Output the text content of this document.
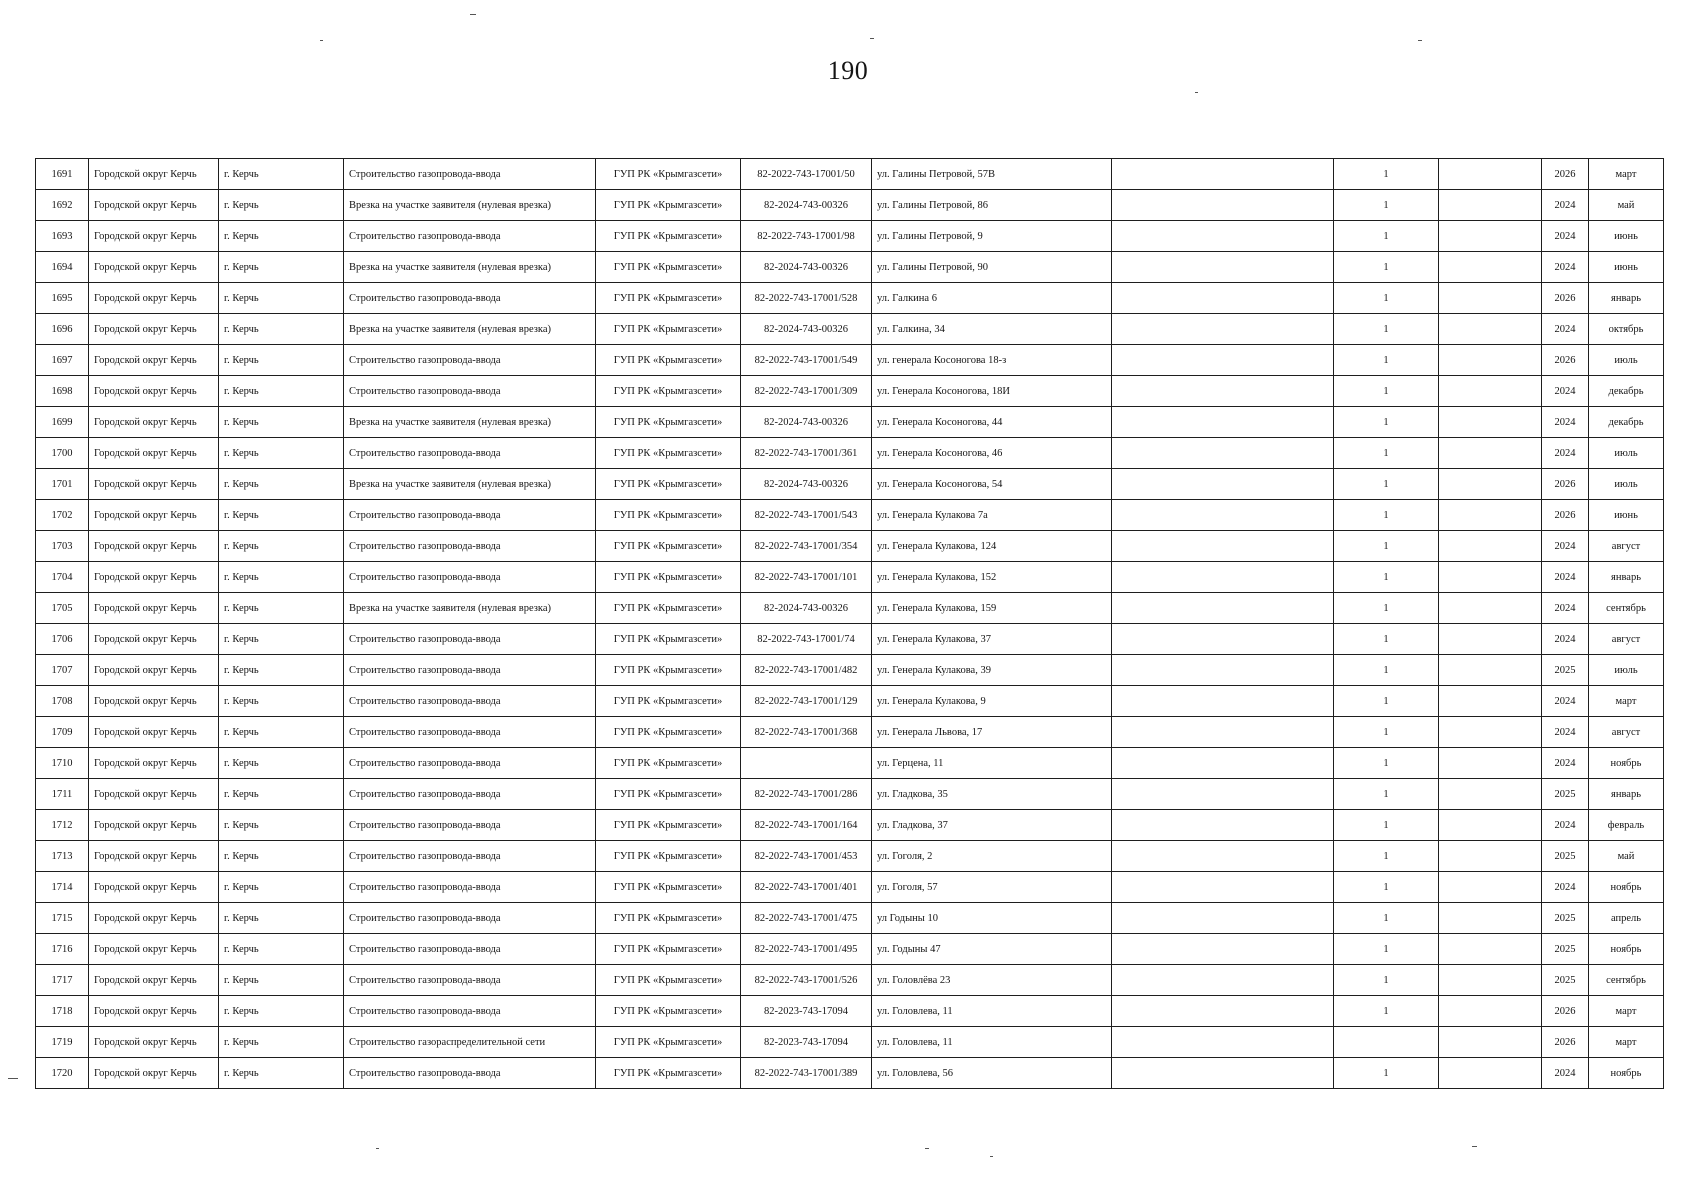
190
1691	Городской округ Керчь	г. Керчь	Строительство газопровода-ввода	ГУП РК «Крымгазсети»	82-2022-743-17001/50	ул. Галины Петровой, 57В		1		2026	март
1692	Городской округ Керчь	г. Керчь	Врезка на участке заявителя (нулевая врезка)	ГУП РК «Крымгазсети»	82-2024-743-00326	ул. Галины Петровой, 86		1		2024	май
1693	Городской округ Керчь	г. Керчь	Строительство газопровода-ввода	ГУП РК «Крымгазсети»	82-2022-743-17001/98	ул. Галины Петровой, 9		1		2024	июнь
1694	Городской округ Керчь	г. Керчь	Врезка на участке заявителя (нулевая врезка)	ГУП РК «Крымгазсети»	82-2024-743-00326	ул. Галины Петровой, 90		1		2024	июнь
1695	Городской округ Керчь	г. Керчь	Строительство газопровода-ввода	ГУП РК «Крымгазсети»	82-2022-743-17001/528	ул. Галкина 6		1		2026	январь
1696	Городской округ Керчь	г. Керчь	Врезка на участке заявителя (нулевая врезка)	ГУП РК «Крымгазсети»	82-2024-743-00326	ул. Галкина, 34		1		2024	октябрь
1697	Городской округ Керчь	г. Керчь	Строительство газопровода-ввода	ГУП РК «Крымгазсети»	82-2022-743-17001/549	ул. генерала Косоногова 18-з		1		2026	июль
1698	Городской округ Керчь	г. Керчь	Строительство газопровода-ввода	ГУП РК «Крымгазсети»	82-2022-743-17001/309	ул. Генерала Косоногова, 18И		1		2024	декабрь
1699	Городской округ Керчь	г. Керчь	Врезка на участке заявителя (нулевая врезка)	ГУП РК «Крымгазсети»	82-2024-743-00326	ул. Генерала Косоногова, 44		1		2024	декабрь
1700	Городской округ Керчь	г. Керчь	Строительство газопровода-ввода	ГУП РК «Крымгазсети»	82-2022-743-17001/361	ул. Генерала Косоногова, 46		1		2024	июль
1701	Городской округ Керчь	г. Керчь	Врезка на участке заявителя (нулевая врезка)	ГУП РК «Крымгазсети»	82-2024-743-00326	ул. Генерала Косоногова, 54		1		2026	июль
1702	Городской округ Керчь	г. Керчь	Строительство газопровода-ввода	ГУП РК «Крымгазсети»	82-2022-743-17001/543	ул. Генерала Кулакова 7а		1		2026	июнь
1703	Городской округ Керчь	г. Керчь	Строительство газопровода-ввода	ГУП РК «Крымгазсети»	82-2022-743-17001/354	ул. Генерала Кулакова, 124		1		2024	август
1704	Городской округ Керчь	г. Керчь	Строительство газопровода-ввода	ГУП РК «Крымгазсети»	82-2022-743-17001/101	ул. Генерала Кулакова, 152		1		2024	январь
1705	Городской округ Керчь	г. Керчь	Врезка на участке заявителя (нулевая врезка)	ГУП РК «Крымгазсети»	82-2024-743-00326	ул. Генерала Кулакова, 159		1		2024	сентябрь
1706	Городской округ Керчь	г. Керчь	Строительство газопровода-ввода	ГУП РК «Крымгазсети»	82-2022-743-17001/74	ул. Генерала Кулакова, 37		1		2024	август
1707	Городской округ Керчь	г. Керчь	Строительство газопровода-ввода	ГУП РК «Крымгазсети»	82-2022-743-17001/482	ул. Генерала Кулакова, 39		1		2025	июль
1708	Городской округ Керчь	г. Керчь	Строительство газопровода-ввода	ГУП РК «Крымгазсети»	82-2022-743-17001/129	ул. Генерала Кулакова, 9		1		2024	март
1709	Городской округ Керчь	г. Керчь	Строительство газопровода-ввода	ГУП РК «Крымгазсети»	82-2022-743-17001/368	ул. Генерала Львова, 17		1		2024	август
1710	Городской округ Керчь	г. Керчь	Строительство газопровода-ввода	ГУП РК «Крымгазсети»		ул. Герцена, 11		1		2024	ноябрь
1711	Городской округ Керчь	г. Керчь	Строительство газопровода-ввода	ГУП РК «Крымгазсети»	82-2022-743-17001/286	ул. Гладкова, 35		1		2025	январь
1712	Городской округ Керчь	г. Керчь	Строительство газопровода-ввода	ГУП РК «Крымгазсети»	82-2022-743-17001/164	ул. Гладкова, 37		1		2024	февраль
1713	Городской округ Керчь	г. Керчь	Строительство газопровода-ввода	ГУП РК «Крымгазсети»	82-2022-743-17001/453	ул. Гоголя, 2		1		2025	май
1714	Городской округ Керчь	г. Керчь	Строительство газопровода-ввода	ГУП РК «Крымгазсети»	82-2022-743-17001/401	ул. Гоголя, 57		1		2024	ноябрь
1715	Городской округ Керчь	г. Керчь	Строительство газопровода-ввода	ГУП РК «Крымгазсети»	82-2022-743-17001/475	ул Годыны 10		1		2025	апрель
1716	Городской округ Керчь	г. Керчь	Строительство газопровода-ввода	ГУП РК «Крымгазсети»	82-2022-743-17001/495	ул. Годыны 47		1		2025	ноябрь
1717	Городской округ Керчь	г. Керчь	Строительство газопровода-ввода	ГУП РК «Крымгазсети»	82-2022-743-17001/526	ул. Головлёва 23		1		2025	сентябрь
1718	Городской округ Керчь	г. Керчь	Строительство газопровода-ввода	ГУП РК «Крымгазсети»	82-2023-743-17094	ул. Головлева, 11		1		2026	март
1719	Городской округ Керчь	г. Керчь	Строительство газораспределительной сети	ГУП РК «Крымгазсети»	82-2023-743-17094	ул. Головлева, 11				2026	март
1720	Городской округ Керчь	г. Керчь	Строительство газопровода-ввода	ГУП РК «Крымгазсети»	82-2022-743-17001/389	ул. Головлева, 56		1		2024	ноябрь
